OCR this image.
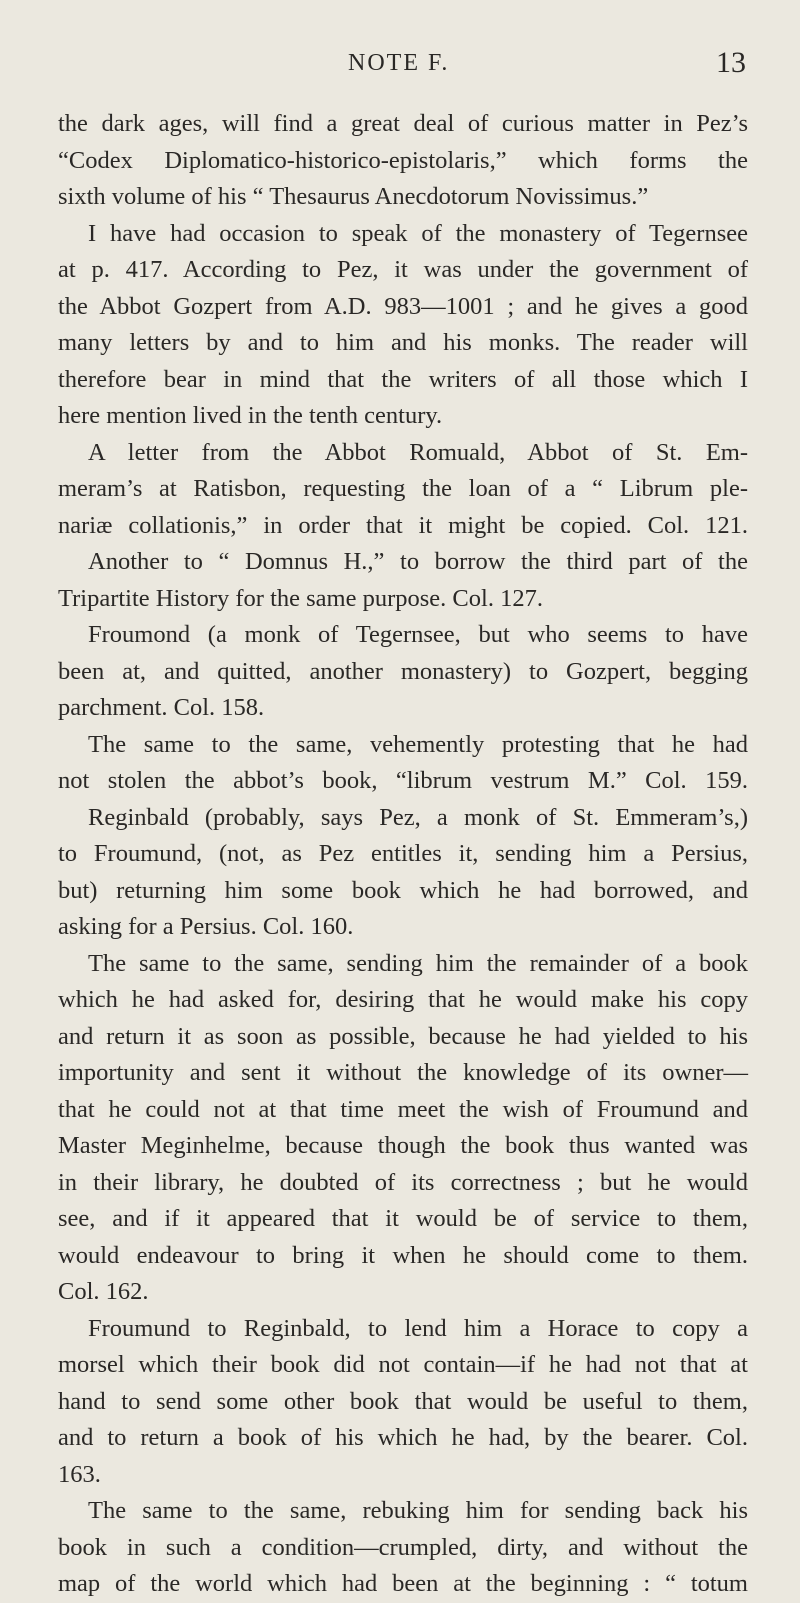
NOTE F.	13
the dark ages, will find a great deal of curious matter in Pez’s
“Codex Diplomatico-historico-epistolaris,” which forms the
sixth volume of his “ Thesaurus Anecdotorum Novissimus.”
I have had occasion to speak of the monastery of Tegernsee
at p. 417. According to Pez, it was under the government of
the Abbot Gozpert from A.D. 983—1001 ; and he gives a good
many letters by and to him and his monks. The reader will
therefore bear in mind that the writers of all those which I
here mention lived in the tenth century.
A letter from the Abbot Romuald, Abbot of St. Em-
meram’s at Ratisbon, requesting the loan of a “ Librum ple-
nariæ collationis,” in order that it might be copied. Col. 121.
Another to “ Domnus H.,” to borrow the third part of the
Tripartite History for the same purpose. Col. 127.
Froumond (a monk of Tegernsee, but who seems to have
been at, and quitted, another monastery) to Gozpert, begging
parchment. Col. 158.
The same to the same, vehemently protesting that he had
not stolen the abbot’s book, “librum vestrum M.” Col. 159.
Reginbald (probably, says Pez, a monk of St. Emmeram’s,)
to Froumund, (not, as Pez entitles it, sending him a Persius,
but) returning him some book which he had borrowed, and
asking for a Persius. Col. 160.
The same to the same, sending him the remainder of a book
which he had asked for, desiring that he would make his copy
and return it as soon as possible, because he had yielded to his
importunity and sent it without the knowledge of its owner—
that he could not at that time meet the wish of Froumund and
Master Meginhelme, because though the book thus wanted was
in their library, he doubted of its correctness ; but he would
see, and if it appeared that it would be of service to them,
would endeavour to bring it when he should come to them.
Col. 162.
Froumund to Reginbald, to lend him a Horace to copy a
morsel which their book did not contain—if he had not that at
hand to send some other book that would be useful to them,
and to return a book of his which he had, by the bearer. Col.
163.
The same to the same, rebuking him for sending back his
book in such a condition—crumpled, dirty, and without the
map of the world which had been at the beginning : “ totum
